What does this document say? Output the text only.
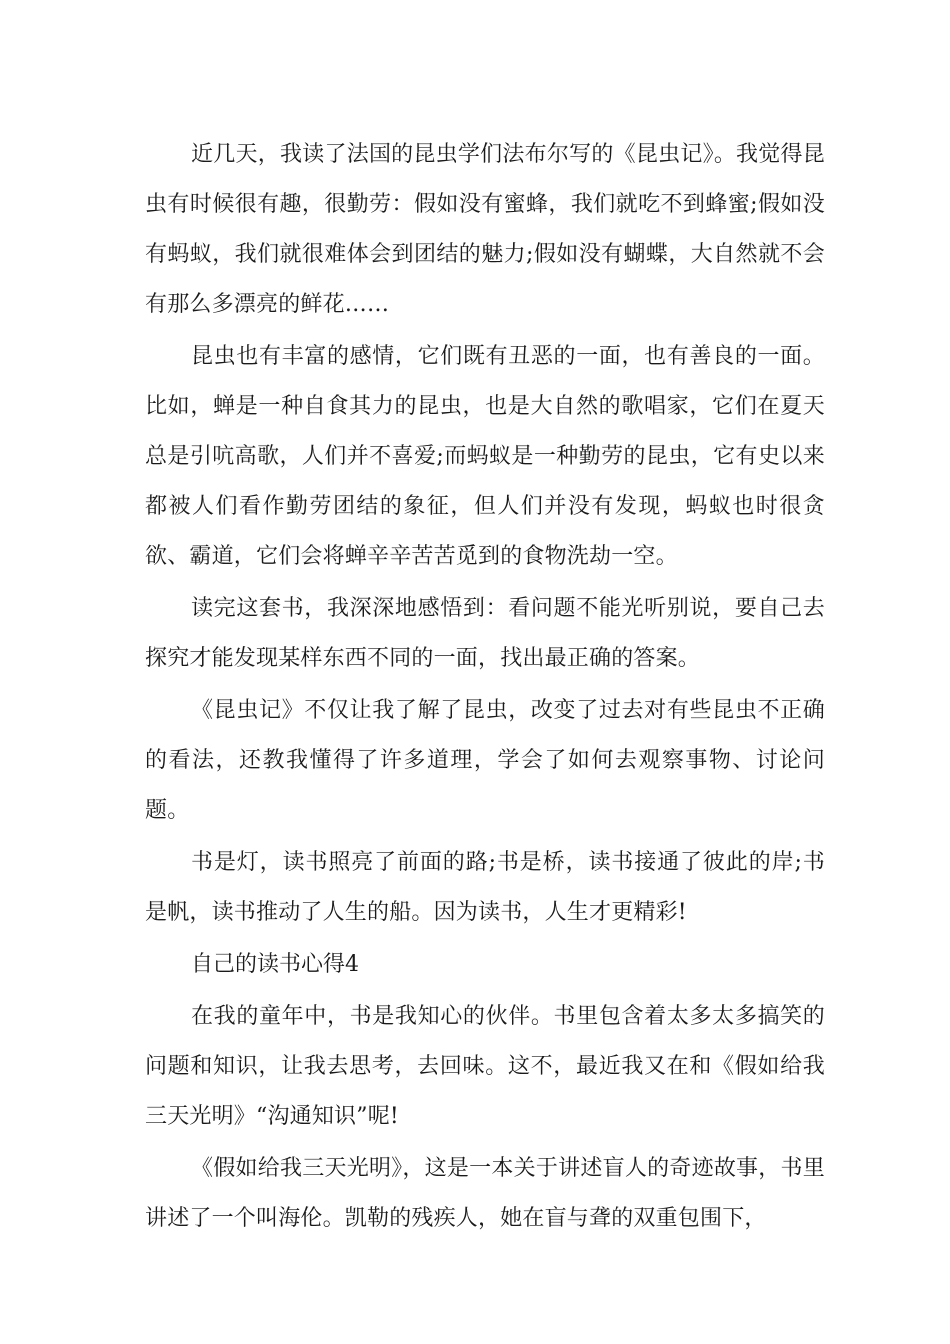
近几天，我读了法国的昆虫学们法布尔写的《昆虫记》。我觉得昆虫有时候很有趣，很勤劳：假如没有蜜蜂，我们就吃不到蜂蜜;假如没有蚂蚁，我们就很难体会到团结的魅力;假如没有蝴蝶，大自然就不会有那么多漂亮的鲜花……

昆虫也有丰富的感情，它们既有丑恶的一面，也有善良的一面。比如，蝉是一种自食其力的昆虫，也是大自然的歌唱家，它们在夏天总是引吭高歌，人们并不喜爱;而蚂蚁是一种勤劳的昆虫，它有史以来都被人们看作勤劳团结的象征，但人们并没有发现，蚂蚁也时很贪欲、霸道，它们会将蝉辛辛苦苦觅到的食物洗劫一空。

读完这套书，我深深地感悟到：看问题不能光听别说，要自己去探究才能发现某样东西不同的一面，找出最正确的答案。

《昆虫记》不仅让我了解了昆虫，改变了过去对有些昆虫不正确的看法，还教我懂得了许多道理，学会了如何去观察事物、讨论问题。

书是灯，读书照亮了前面的路;书是桥，读书接通了彼此的岸;书是帆，读书推动了人生的船。因为读书，人生才更精彩!

自己的读书心得4

在我的童年中，书是我知心的伙伴。书里包含着太多太多搞笑的问题和知识，让我去思考，去回味。这不，最近我又在和《假如给我三天光明》“沟通知识”呢!

《假如给我三天光明》，这是一本关于讲述盲人的奇迹故事，书里讲述了一个叫海伦。凯勒的残疾人，她在盲与聋的双重包围下，
